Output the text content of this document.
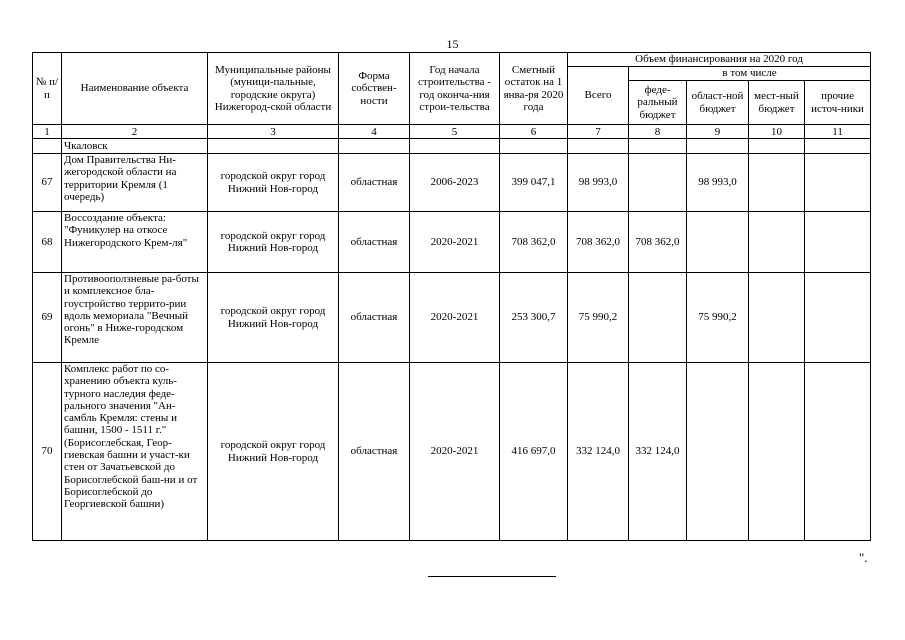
15
№ п/п	Наименование объекта	Муниципальные районы (муници-пальные, городские округа) Нижегород-ской области	Форма собствен-ности	Год начала строительства - год оконча-ния строи-тельства	Сметный остаток на 1 янва-ря 2020 года	Объем финансирования на 2020 год				
						Всего	в том числе			
							феде-ральный бюджет	област-ной бюджет	мест-ный бюджет	прочие источ-ники
1	2	3	4	5	6	7	8	9	10	11
	Чкаловск									
67	Дом Правительства Ни-жегородской области на территории Кремля (1 очередь)	городской округ город Нижний Нов-город	областная	2006-2023	399 047,1	98 993,0		98 993,0		
68	Воссоздание объекта: "Фуникулер на откосе Нижегородского Крем-ля"	городской округ город Нижний Нов-город	областная	2020-2021	708 362,0	708 362,0	708 362,0			
69	Противооползневые ра-боты и комплексное бла-гоустройство террито-рии вдоль мемориала "Вечный огонь" в Ниже-городском Кремле	городской округ город Нижний Нов-город	областная	2020-2021	253 300,7	75 990,2		75 990,2		
70	Комплекс работ по со-хранению объекта куль-турного наследия феде-рального значения "Ан-самбль Кремля: стены и башни, 1500 - 1511 г." (Борисоглебская, Геор-гиевская башни и участ-ки стен от Зачатьевской до Борисоглебской баш-ни и от Борисоглебской до Георгиевской башни)	городской округ город Нижний Нов-город	областная	2020-2021	416 697,0	332 124,0	332 124,0			
".
